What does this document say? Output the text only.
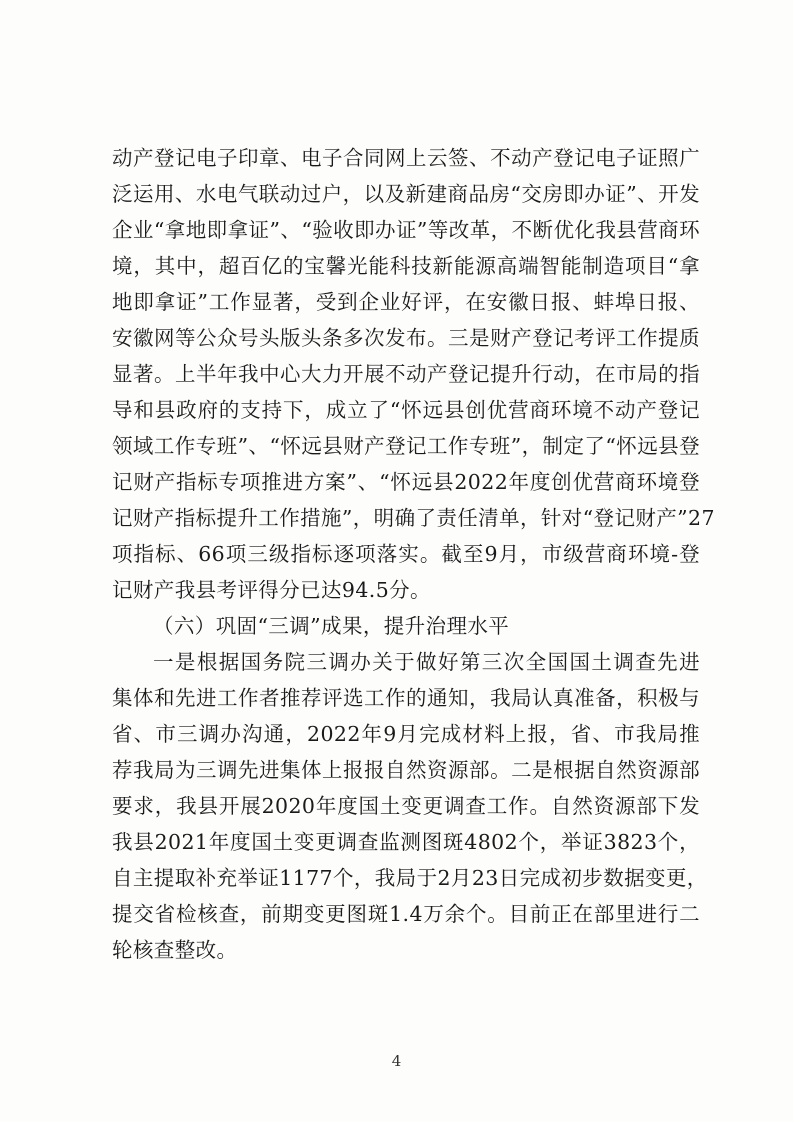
动产登记电子印章、电子合同网上云签、不动产登记电子证照广
泛运用、水电气联动过户，以及新建商品房“交房即办证”、开发
企业“拿地即拿证”、“验收即办证”等改革，不断优化我县营商环
境，其中，超百亿的宝馨光能科技新能源高端智能制造项目“拿
地即拿证”工作显著，受到企业好评，在安徽日报、蚌埠日报、
安徽网等公众号头版头条多次发布。三是财产登记考评工作提质
显著。上半年我中心大力开展不动产登记提升行动，在市局的指
导和县政府的支持下，成立了“怀远县创优营商环境不动产登记
领域工作专班”、“怀远县财产登记工作专班”，制定了“怀远县登
记财产指标专项推进方案”、“怀远县2022年度创优营商环境登
记财产指标提升工作措施”，明确了责任清单，针对“登记财产”27
项指标、66项三级指标逐项落实。截至9月，市级营商环境-登
记财产我县考评得分已达94.5分。
（六）巩固“三调”成果，提升治理水平
一是根据国务院三调办关于做好第三次全国国土调查先进
集体和先进工作者推荐评选工作的通知，我局认真准备，积极与
省、市三调办沟通，2022年9月完成材料上报，省、市我局推
荐我局为三调先进集体上报报自然资源部。二是根据自然资源部
要求，我县开展2020年度国土变更调查工作。自然资源部下发
我县2021年度国土变更调查监测图斑4802个，举证3823个，
自主提取补充举证1177个，我局于2月23日完成初步数据变更，
提交省检核查，前期变更图斑1.4万余个。目前正在部里进行二
轮核查整改。
4
